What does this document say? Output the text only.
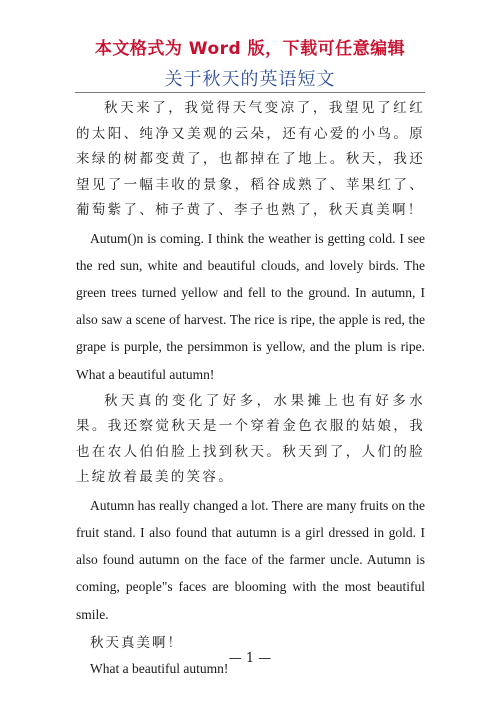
本文格式为 Word 版，下载可任意编辑
关于秋天的英语短文

秋天来了，我觉得天气变凉了，我望见了红红的太阳、纯净又美观的云朵，还有心爱的小鸟。原来绿的树都变黄了，也都掉在了地上。秋天，我还望见了一幅丰收的景象，稻谷成熟了、苹果红了、葡萄紫了、柿子黄了、李子也熟了，秋天真美啊！

Autum()n is coming. I think the weather is getting cold. I see the red sun, white and beautiful clouds, and lovely birds. The green trees turned yellow and fell to the ground. In autumn, I also saw a scene of harvest. The rice is ripe, the apple is red, the grape is purple, the persimmon is yellow, and the plum is ripe. What a beautiful autumn!

秋天真的变化了好多，水果摊上也有好多水果。我还察觉秋天是一个穿着金色衣服的姑娘，我也在农人伯伯脸上找到秋天。秋天到了，人们的脸上绽放着最美的笑容。

Autumn has really changed a lot. There are many fruits on the fruit stand. I also found that autumn is a girl dressed in gold. I also found autumn on the face of the farmer uncle. Autumn is coming, people"s faces are blooming with the most beautiful smile.

秋天真美啊！

What a beautiful autumn!

— 1 —
